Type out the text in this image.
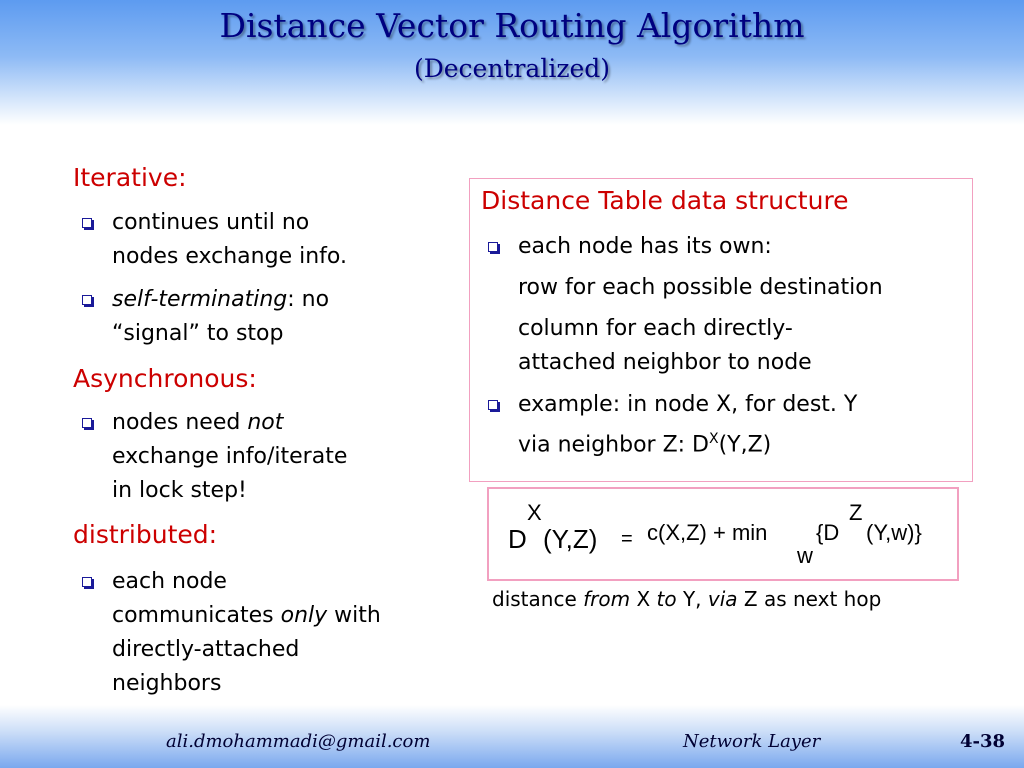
Distance Vector Routing Algorithm
(Decentralized)
Iterative:
continues until no
nodes exchange info.
self-terminating: no
“signal” to stop
Asynchronous:
nodes need not
exchange info/iterate
in lock step!
distributed:
each node
communicates only with
directly-attached
neighbors
Distance Table data structure
each node has its own:
row for each possible destination
column for each directly-
attached neighbor to node
example: in node X, for dest. Y
via neighbor Z: $D^X(Y,Z)$
D
X
(Y,Z) = c(X,Z) + min
w
{D
Z
(Y,w)}
distance from X to Y, via Z as next hop
ali.dmohammadi@gmail.com	Network Layer	4-38
